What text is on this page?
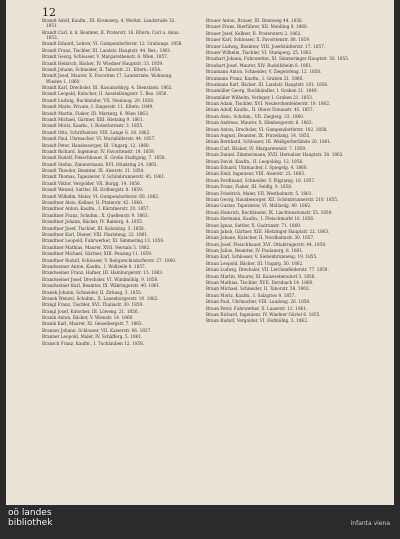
12
Brandt Adolf, Kaufm., III. Kremserg. 4, Werkst. Landstraße 32. 1851.
Brandt Carl, k. k. Beamter, II. Praterstr. 16. Eltern: Carl u. Anna. 1853.
Brandt Eduard, Lehrer, VI. Gumpendorferstr. 12. Grabungs. 1858.
Brandt Franz, Tischler, III. Landstr. Hauptstr. 44. Bez.: 1861.
Brandt Georg, Schlosser, V. Margarethenstr. 8. Wien, 1857.
Brandt Heinrich, Bäcker, IV. Wiedner Hauptstr. 33. 1859.
Brandt Johann, Schneider, II. Taborstr. 21. Eltern: 1854.
Brandt Josef, Maurer, X. Favoriten 17, Landstraße, Wohnung: Wieden 1, 1860.
Brandt Karl, Drechsler, III. Rasumofskyg. 4. Dienstzeit: 1862.
Brandt Leopold, Kutscher, II. Ausstellungsstr. 5. Bez. 1858.
Brandt Ludwig, Buchbinder, VII. Neubaug. 29. 1856.
Brandt Marie, Private, I. Singerstr. 11. Eltern: 1849.
Brandt Martin, Fiaker, III. Marxerg. 6. Wien 1863.
Brandt Michael, Gärtner, XIII. Hietzing 9. 1861.
Brandt Moriz, Kaufm., I. Rotenturmstr. 3. 1855.
Brandt Otto, Schriftsetzer, VIII. Lange G. 18. 1862.
Brandt Paul, Uhrmacher, VI. Mariahilferstr. 44. 1857.
Brandt Peter, Hausbesorger, III. Ungarg. 12. 1860.
Brandt Richard, Ingenieur, IV. Favoritenstr. 19. 1859.
Brandt Rudolf, Fleischhauer, II. Große Stadtgutg. 7. 1858.
Brandt Stefan, Zimmermann, XVI. Ottakring 24. 1863.
Brandt Theodor, Beamter, IX. Alserstr. 31. 1854.
Brandt Thomas, Tapezierer, V. Schönbrunnerstr. 45. 1861.
Brandt Viktor, Vergolder, VII. Burgg. 14. 1856.
Brandt Wenzel, Sattler, III. Erdbergstr. 8. 1859.
Brandt Wilhelm, Maler, VI. Gumpendorferstr. 60. 1862.
Brandtner Alois, Kellner, II. Praterstr. 42. 1860.
Brandtner Anton, Kaufm., I. Kärntnerstr. 20. 1857.
Brandtner Franz, Schuhm., X. Quellenstr. 9. 1863.
Brandtner Johann, Bäcker, IV. Rainerg. 4. 1855.
Brandtner Josef, Tischler, III. Kolonitzg. 3. 1858.
Brandtner Karl, Diener, VIII. Piaristeng. 22. 1861.
Brandtner Leopold, Fuhrwerker, XI. Simmering 13. 1856.
Brandtner Mathias, Maurer, XVII. Hernals 5. 1862.
Brandtner Michael, Gärtner, XIII. Penzing 11. 1859.
Brandtner Rudolf, Schlosser, V. Reinprechtsdorferstr. 27. 1860.
Brandweiner Anton, Kaufm., I. Wollzeile 8. 1857.
Brandweiner Franz, Hafner, III. Hainburgerstr. 15. 1863.
Brandweiner Josef, Drechsler, VI. Windmühlg. 9. 1858.
Brandweiner Karl, Beamter, IX. Währingerstr. 40. 1861.
Branek Johann, Schneider, II. Zirkusg. 3. 1855.
Branek Wenzel, Schuhm., X. Laxenburgerstr. 18. 1862.
Brangl Franz, Tischler, XVI. Thaliastr. 30. 1859.
Brangl Josef, Kutscher, III. Löweng. 21. 1856.
Branik Anton, Bäcker, V. Wienstr. 14. 1860.
Branik Karl, Maurer, XI. Geiselbergstr. 7. 1863.
Branner Johann, Schlosser, VII. Kaiserstr. 66. 1857.
Branner Leopold, Maler, IV. Schäfferg. 5. 1861.
Bransch Franz, Kaufm., I. Tuchlauben 12. 1858.
Brauer Anton, Brauer, III. Rennweg 44. 1856.
Brauer Franz, Bierführer, XII. Meidling 9. 1860.
Brauer Josef, Kellner, II. Praterstern 2. 1862.
Brauer Karl, Schlosser, X. Favoritenstr. 88. 1859.
Brauer Ludwig, Beamter, VIII. Josefstädterstr. 17. 1857.
Brauer Wilhelm, Tischler, VI. Stumperg. 25. 1863.
Brauhart Johann, Fuhrwerker, XI. Simmeringer Hauptstr. 50. 1855.
Brauhart Josef, Maurer, XIV. Rudolfsheim 8. 1861.
Braumann Anton, Schneider, V. Ziegelofeng. 12. 1858.
Braumann Franz, Kaufm., I. Graben 21. 1860.
Braumann Karl, Bäcker, III. Landstr. Hauptstr. 101. 1856.
Braumüller Georg, Buchhändler, I. Graben 21. 1849.
Braumüller Wilhelm, Verleger, I. Graben 21. 1853.
Braun Adam, Tischler, XVI. Neulerchenfelderstr. 19. 1862.
Braun Adolf, Kaufm., II. Obere Donaustr. 45. 1857.
Braun Alois, Schuhm., VII. Zieglerg. 33. 1860.
Braun Andreas, Maurer, X. Himbergerstr. 6. 1863.
Braun Anton, Drechsler, VI. Gumpendorferstr. 102. 1858.
Braun August, Beamter, IX. Porzellang. 14. 1855.
Braun Bernhard, Schlosser, III. Weißgerberlände 20. 1861.
Braun Carl, Bäcker, IV. Margaretenstr. 7. 1859.
Braun Daniel, Zimmermann, XVII. Hernalser Hauptstr. 38. 1862.
Braun David, Kaufm., II. Leopoldsg. 12. 1856.
Braun Eduard, Uhrmacher, I. Spiegelg. 4. 1860.
Braun Emil, Ingenieur, VIII. Alserstr. 23. 1863.
Braun Ferdinand, Schneider, V. Pilgramg. 16. 1857.
Braun Franz, Fiaker, III. Seidlg. 9. 1858.
Braun Friedrich, Maler, VII. Westbahnstr. 5. 1861.
Braun Georg, Hausbesorger, XII. Schönbrunnerstr. 210. 1855.
Braun Gustav, Tapezierer, VI. Mollardg. 40. 1862.
Braun Heinrich, Buchbinder, IX. Liechtensteinstr. 55. 1859.
Braun Hermann, Kaufm., I. Fleischmarkt 16. 1856.
Braun Ignaz, Sattler, X. Gudrunstr. 71. 1860.
Braun Jakob, Gärtner, XIII. Hietzinger Hauptstr. 22. 1863.
Braun Johann, Kutscher, II. Nordbahnstr. 30. 1857.
Braun Josef, Fleischhauer, XVI. Ottakringerstr. 44. 1858.
Braun Julius, Beamter, IV. Paulanerg. 8. 1861.
Braun Karl, Schlosser, V. Siebenbrunneng. 19. 1855.
Braun Leopold, Bäcker, III. Ungarg. 50. 1862.
Braun Ludwig, Drechsler, VII. Lerchenfelderstr. 77. 1859.
Braun Martin, Maurer, XI. Kaiserebersdorf 3. 1856.
Braun Mathias, Tischler, XVII. Dornbach 14. 1860.
Braun Michael, Schneider, II. Taborstr. 58. 1863.
Braun Moriz, Kaufm., I. Salzgries 9. 1857.
Braun Paul, Uhrmacher, VIII. Laudong. 26. 1858.
Braun Peter, Fuhrwerker, X. Laaerstr. 12. 1861.
Braun Richard, Ingenieur, IV. Wiedner Gürtel 6. 1855.
Braun Rudolf, Vergolder, VI. Hofmühlg. 3. 1862.
oö landes
bibliothek	infanta viena
